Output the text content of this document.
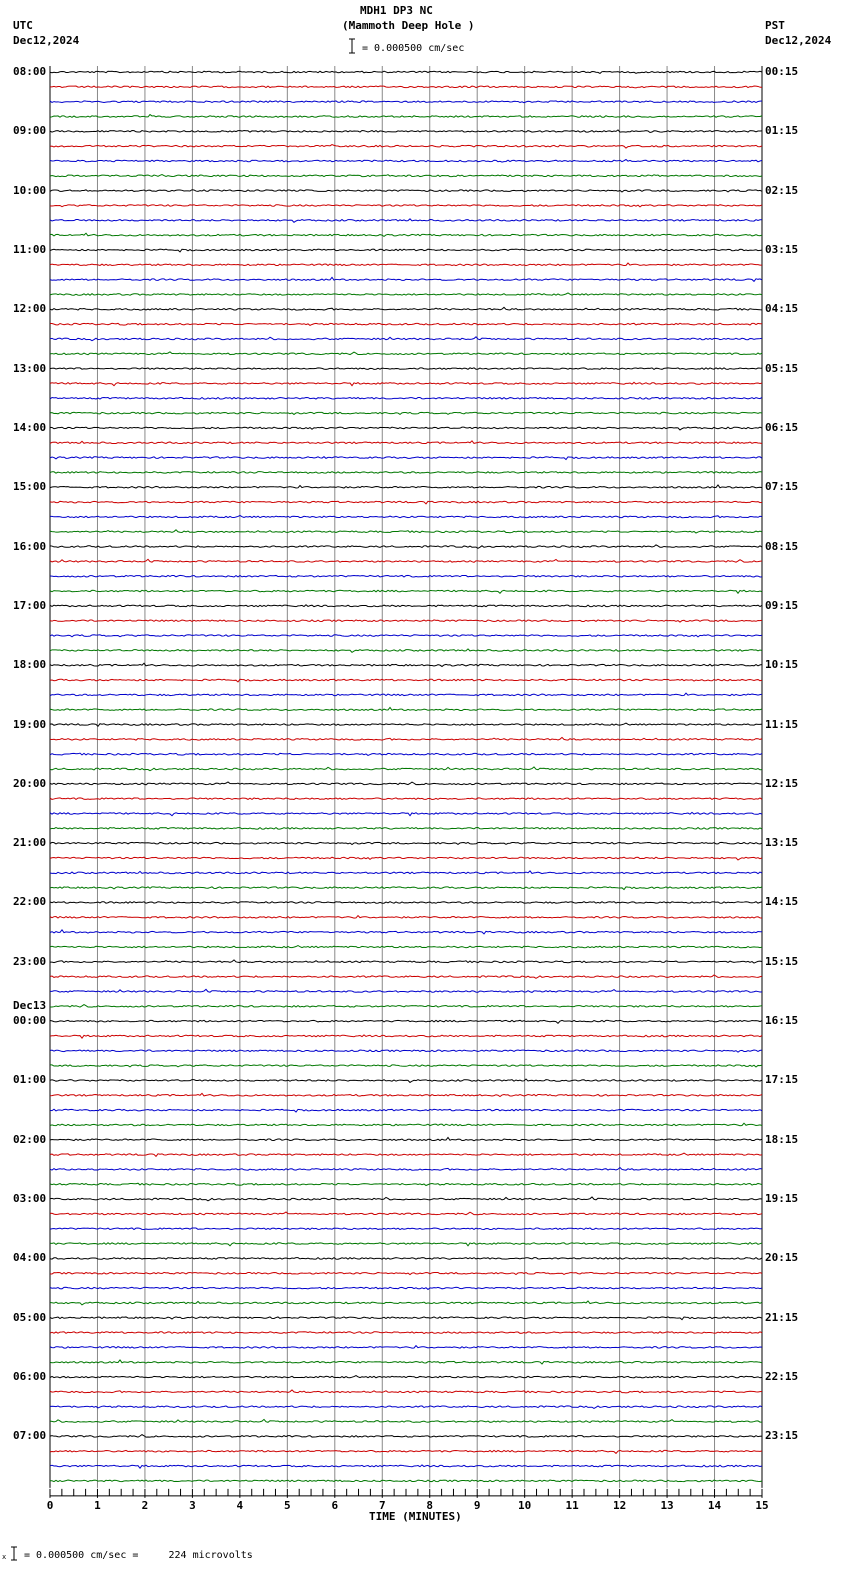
0	1	2	3	4	5	6	7	8	9	10	11	12	13	14	15
MDH1 DP3 NC
(Mammoth Deep Hole )
= 0.000500 cm/sec
UTC
Dec12,2024
PST
Dec12,2024
08:00
09:00
10:00
11:00
12:00
13:00
14:00
15:00
16:00
17:00
18:00
19:00
20:00
21:00
22:00
23:00
00:00
Dec13
01:00
02:00
03:00
04:00
05:00
06:00
07:00
00:15
01:15
02:15
03:15
04:15
05:15
06:15
07:15
08:15
09:15
10:15
11:15
12:15
13:15
14:15
15:15
16:15
17:15
18:15
19:15
20:15
21:15
22:15
23:15
TIME (MINUTES)
x = 0.000500 cm/sec =     224 microvolts
